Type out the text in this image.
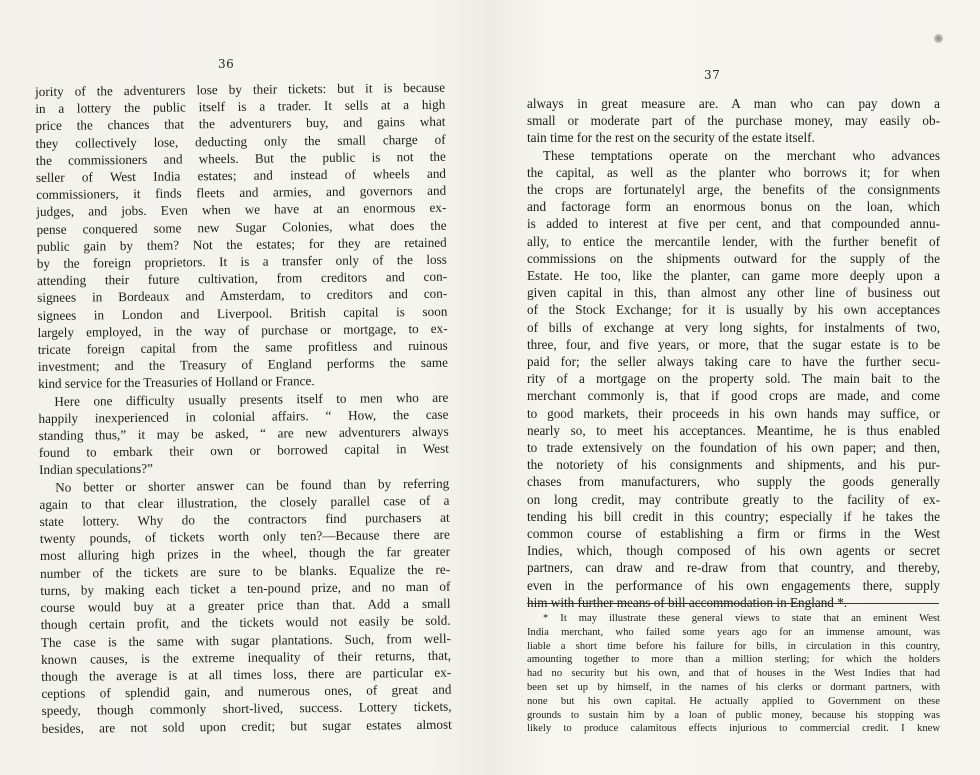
36
jority of the adventurers lose by their tickets: but it is because
in a lottery the public itself is a trader. It sells at a high
price the chances that the adventurers buy, and gains what
they collectively lose, deducting only the small charge of
the commissioners and wheels. But the public is not the
seller of West India estates; and instead of wheels and
commissioners, it finds fleets and armies, and governors and
judges, and jobs. Even when we have at an enormous ex-
pense conquered some new Sugar Colonies, what does the
public gain by them? Not the estates; for they are retained
by the foreign proprietors. It is a transfer only of the loss
attending their future cultivation, from creditors and con-
signees in Bordeaux and Amsterdam, to creditors and con-
signees in London and Liverpool. British capital is soon
largely employed, in the way of purchase or mortgage, to ex-
tricate foreign capital from the same profitless and ruinous
investment; and the Treasury of England performs the same
kind service for the Treasuries of Holland or France.
Here one difficulty usually presents itself to men who are
happily inexperienced in colonial affairs. “ How, the case
standing thus,” it may be asked, “ are new adventurers always
found to embark their own or borrowed capital in West
Indian speculations?”
No better or shorter answer can be found than by referring
again to that clear illustration, the closely parallel case of a
state lottery. Why do the contractors find purchasers at
twenty pounds, of tickets worth only ten?—Because there are
most alluring high prizes in the wheel, though the far greater
number of the tickets are sure to be blanks. Equalize the re-
turns, by making each ticket a ten-pound prize, and no man of
course would buy at a greater price than that. Add a small
though certain profit, and the tickets would not easily be sold.
The case is the same with sugar plantations. Such, from well-
known causes, is the extreme inequality of their returns, that,
though the average is at all times loss, there are particular ex-
ceptions of splendid gain, and numerous ones, of great and
speedy, though commonly short-lived, success. Lottery tickets,
besides, are not sold upon credit; but sugar estates almost
37
always in great measure are. A man who can pay down a
small or moderate part of the purchase money, may easily ob-
tain time for the rest on the security of the estate itself.
These temptations operate on the merchant who advances
the capital, as well as the planter who borrows it; for when
the crops are fortunatelyl arge, the benefits of the consignments
and factorage form an enormous bonus on the loan, which
is added to interest at five per cent, and that compounded annu-
ally, to entice the mercantile lender, with the further benefit of
commissions on the shipments outward for the supply of the
Estate. He too, like the planter, can game more deeply upon a
given capital in this, than almost any other line of business out
of the Stock Exchange; for it is usually by his own acceptances
of bills of exchange at very long sights, for instalments of two,
three, four, and five years, or more, that the sugar estate is to be
paid for; the seller always taking care to have the further secu-
rity of a mortgage on the property sold. The main bait to the
merchant commonly is, that if good crops are made, and come
to good markets, their proceeds in his own hands may suffice, or
nearly so, to meet his acceptances. Meantime, he is thus enabled
to trade extensively on the foundation of his own paper; and then,
the notoriety of his consignments and shipments, and his pur-
chases from manufacturers, who supply the goods generally
on long credit, may contribute greatly to the facility of ex-
tending his bill credit in this country; especially if he takes the
common course of establishing a firm or firms in the West
Indies, which, though composed of his own agents or secret
partners, can draw and re-draw from that country, and thereby,
even in the performance of his own engagements there, supply
him with further means of bill accommodation in England *.
* It may illustrate these general views to state that an eminent West
India merchant, who failed some years ago for an immense amount, was
liable a short time before his failure for bills, in circulation in this country,
amounting together to more than a million sterling; for which the holders
had no security but his own, and that of houses in the West Indies that had
been set up by himself, in the names of his clerks or dormant partners, with
none but his own capital. He actually applied to Government on these
grounds to sustain him by a loan of public money, because his stopping was
likely to produce calamitous effects injurious to commercial credit. I knew
